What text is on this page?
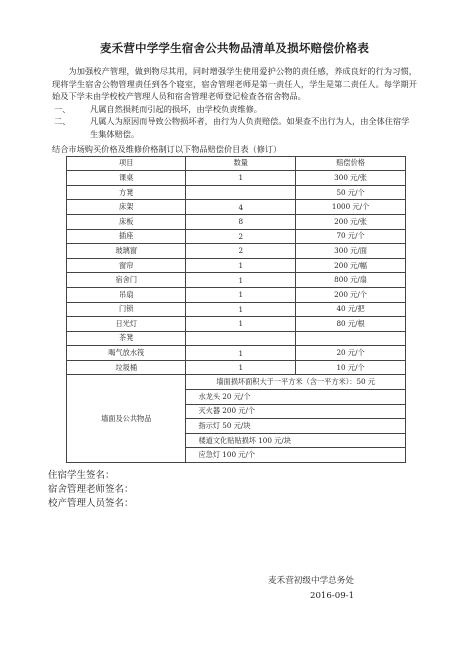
麦禾营中学学生宿舍公共物品清单及损坏赔偿价格表

为加强校产管理，做到物尽其用，同时增强学生使用爱护公物的责任感，养成良好的行为习惯，现将学生宿舍公物管理责任到各个寝室，宿舍管理老师是第一责任人，学生是第二责任人。每学期开始及下学未由学校校产管理人员和宿舍管理老师登记检查各宿舍物品。

一、	凡属自然损耗而引起的损坏，由学校负责维修。
二、	凡属人为原因而导致公物损坏者，由行为人负责赔偿。如果查不出行为人，由全体住宿学生集体赔偿。
结合市场购买价格及维修价格制订以下物品赔偿价目表（修订）
项目	数量	赔偿价格
课桌	1	300 元/张
方凳		50 元/个
床架	4	1000 元/个
床板	8	200 元/张
插座	2	70 元/个
玻璃窗	2	300 元/面
窗帘	1	200 元/幅
宿舍门	1	800 元/扇
吊扇	1	200 元/个
门锁	1	40 元/把
日光灯	1	80 元/根
茶凳		
喝气放水筏	1	20 元/个
垃圾桶	1	10 元/个
墙面及公共物品	墙面损坏面积大于一平方米（含一平方米）：50 元	
	水龙头 20 元/个	
	灭火器 200 元/个	
	指示灯 50 元/块	
	楼道文化贴贴损坏 100 元/块	
	应急灯 100 元/个	
住宿学生签名：
宿舍管理老师签名：
校产管理人员签名：
麦禾营初级中学总务处
2016-09-1
